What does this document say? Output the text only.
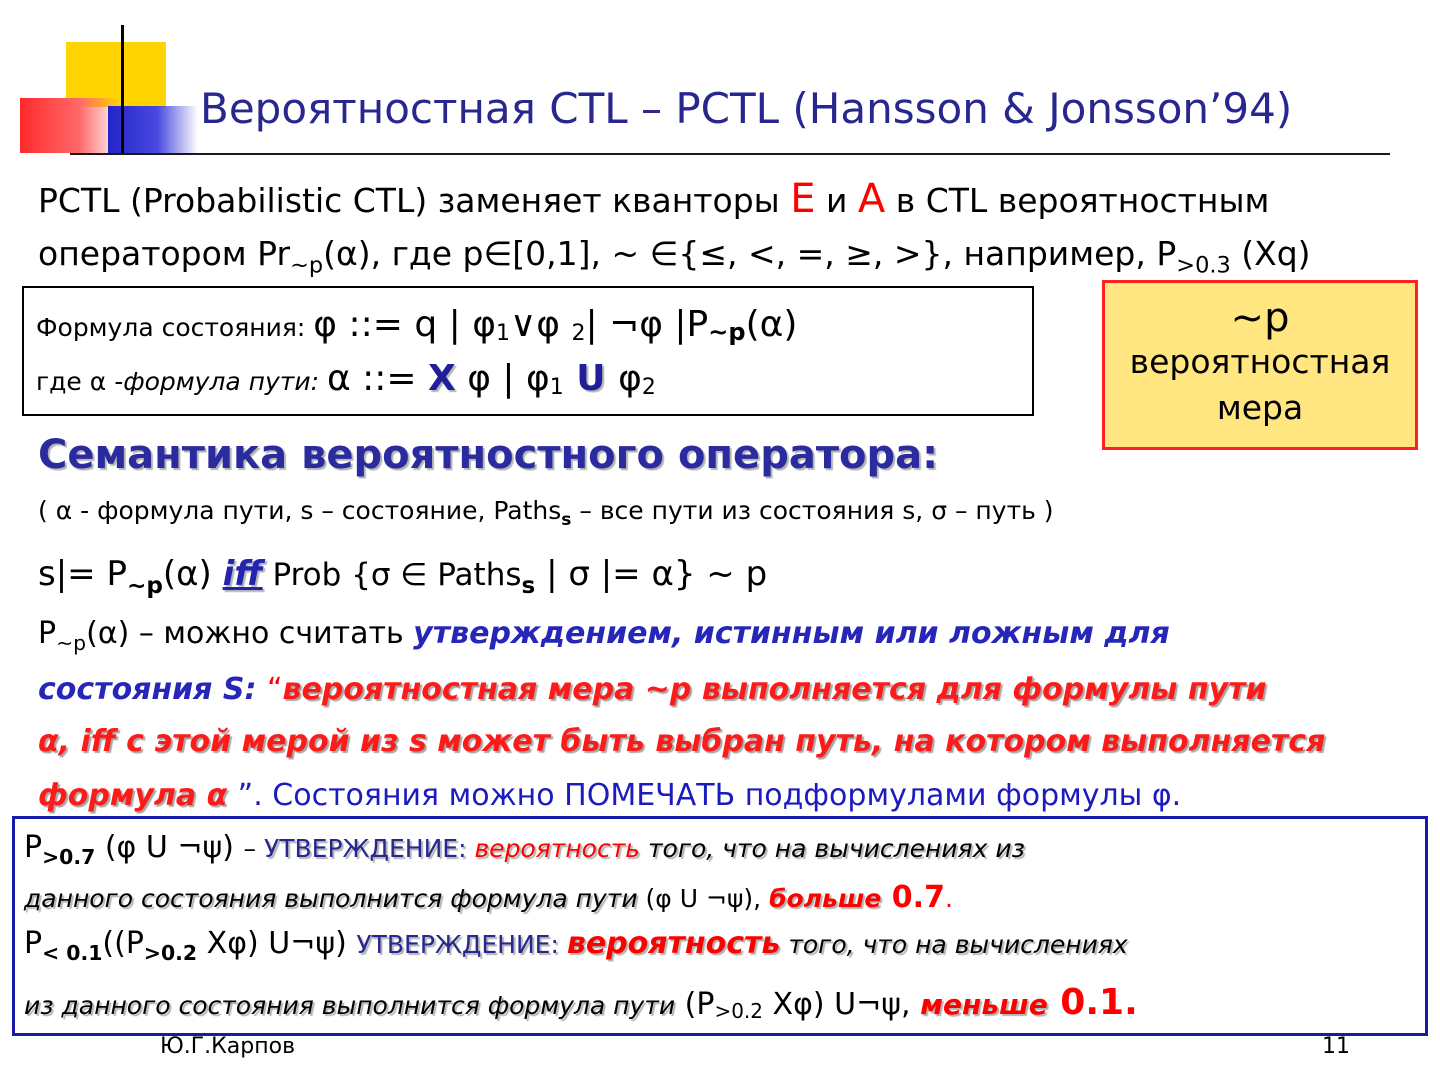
Вероятностная CTL – PCTL (Hansson & Jonsson’94)
PCTL (Probabilistic CTL) заменяет кванторы E и A в CTL вероятностным
оператором $Pr_{\sim p}(\alpha)$, где p∈[0,1], ~ ∈{≤, <, =, ≥, >}, например, $P_{>0.3}$ (Xq)
Формула состояния: φ ::= q | $\varphi_1\vee\varphi$ $_2$| ¬φ $|P_{\sim p}(\alpha)$
где α -формула пути: α ::= X φ | $\varphi_1$ U $\varphi_2$
~p
вероятностная
мера
Семантика вероятностного оператора:
( α - формула пути, s – состояние, Paths$_s$ – все пути из состояния s, σ – путь )
$s|= P_{\sim p}(\alpha)$ iff Prob {σ ∈ Paths$_s$ | σ |= α} ~ p
$P_{\sim p}(\alpha)$ – можно считать утверждением, истинным или ложным для
состояния S: “вероятностная мера ~p выполняется для формулы пути
α, iff с этой мерой из s может быть выбран путь, на котором выполняется
формула α ”. Состояния можно ПОМЕЧАТЬ подформулами формулы φ.
$P_{>0.7}$ (φ U ¬ψ) – УТВЕРЖДЕНИЕ: вероятность того, что на вычислениях из
данного состояния выполнится формула пути (φ U ¬ψ), больше 0.7.
$P_{< 0.1}((P_{>0.2}$ Xφ) U¬ψ) УТВЕРЖДЕНИЕ: вероятность того, что на вычислениях
из данного состояния выполнится формула пути ($P_{>0.2}$ Xφ) U¬ψ, меньше 0.1.
Ю.Г.Карпов	11
